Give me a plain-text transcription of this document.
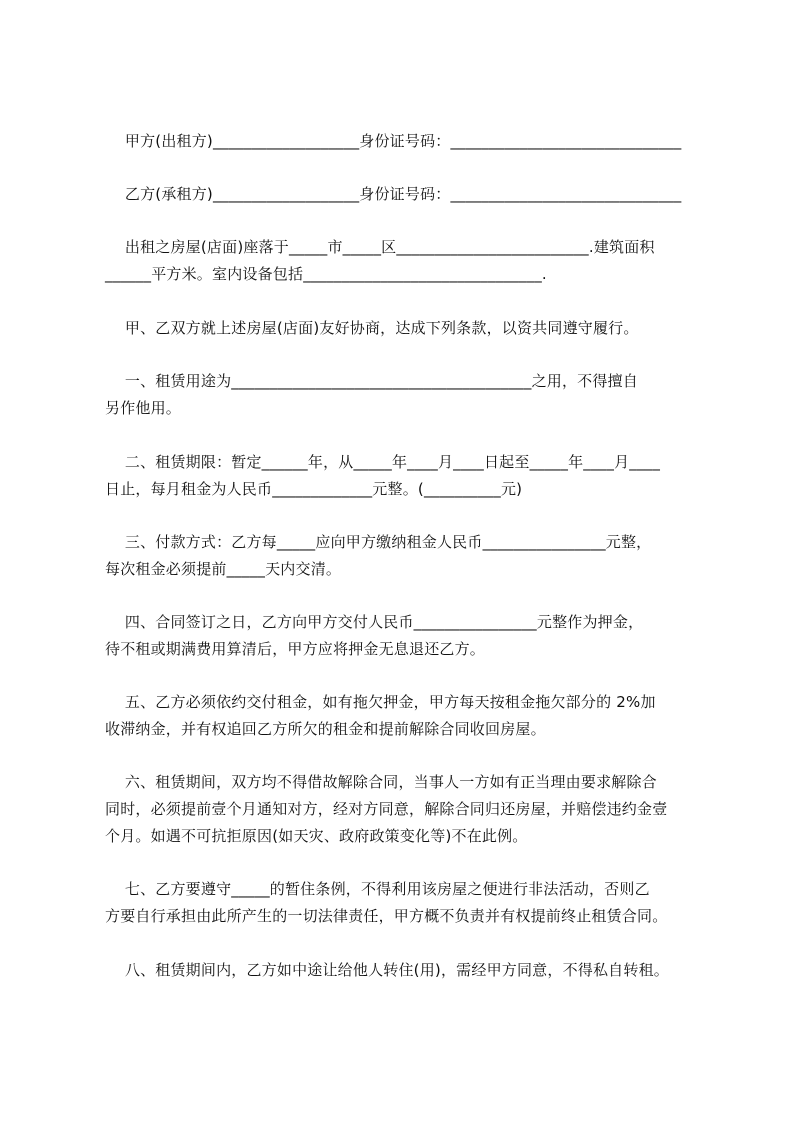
甲方(出租方)___________________身份证号码：______________________________
乙方(承租方)___________________身份证号码：______________________________
出租之房屋(店面)座落于_____市_____区_________________________.建筑面积
______平方米。室内设备包括_______________________________.
甲、乙双方就上述房屋(店面)友好协商，达成下列条款，以资共同遵守履行。
一、租赁用途为_______________________________________之用，不得擅自
另作他用。
二、租赁期限：暂定______年，从_____年____月____日起至_____年____月____
日止，每月租金为人民币_____________元整。(__________元)
三、付款方式：乙方每_____应向甲方缴纳租金人民币________________元整，
每次租金必须提前_____天内交清。
四、合同签订之日，乙方向甲方交付人民币________________元整作为押金，
待不租或期满费用算清后，甲方应将押金无息退还乙方。
五、乙方必须依约交付租金，如有拖欠押金，甲方每天按租金拖欠部分的 2%加
收滞纳金，并有权追回乙方所欠的租金和提前解除合同收回房屋。
六、租赁期间，双方均不得借故解除合同，当事人一方如有正当理由要求解除合
同时，必须提前壹个月通知对方，经对方同意，解除合同归还房屋，并赔偿违约金壹
个月。如遇不可抗拒原因(如天灾、政府政策变化等)不在此例。
七、乙方要遵守_____的暂住条例，不得利用该房屋之便进行非法活动，否则乙
方要自行承担由此所产生的一切法律责任，甲方概不负责并有权提前终止租赁合同。
八、租赁期间内，乙方如中途让给他人转住(用)，需经甲方同意，不得私自转租。
